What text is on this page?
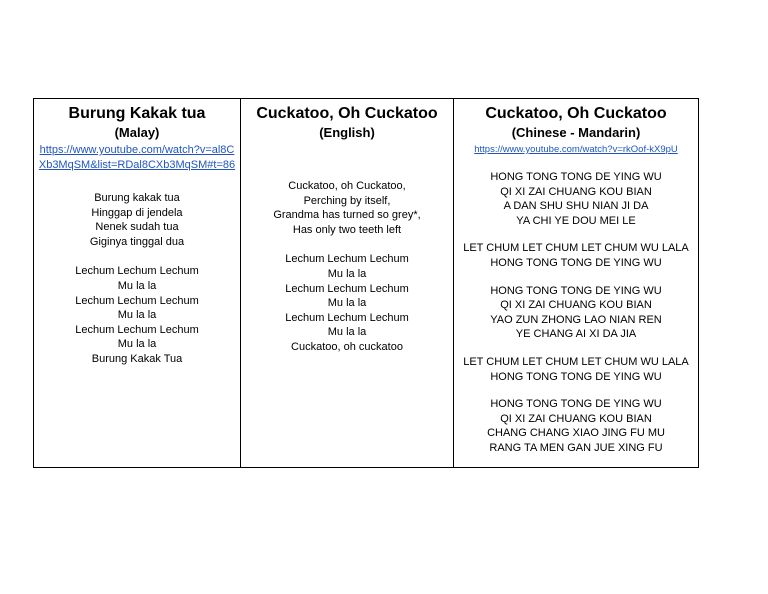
Burung Kakak tua
(Malay)
https://www.youtube.com/watch?v=al8CXb3MqSM&list=RDal8CXb3MqSM#t=86
Burung kakak tua
Hinggap di jendela
Nenek sudah tua
Giginya tinggal dua
Lechum Lechum Lechum
Mu la la
Lechum Lechum Lechum
Mu la la
Lechum Lechum Lechum
Mu la la
Burung Kakak Tua
Cuckatoo, Oh Cuckatoo
(English)
Cuckatoo, oh Cuckatoo,
Perching by itself,
Grandma has turned so grey*,
Has only two teeth left
Lechum Lechum Lechum
Mu la la
Lechum Lechum Lechum
Mu la la
Lechum Lechum Lechum
Mu la la
Cuckatoo, oh cuckatoo
Cuckatoo, Oh Cuckatoo
(Chinese - Mandarin)
https://www.youtube.com/watch?v=rkOof-kX9pU
HONG TONG TONG DE YING WU
QI XI ZAI CHUANG KOU BIAN
A DAN SHU SHU NIAN JI DA
YA CHI YE DOU MEI LE
LET CHUM LET CHUM LET CHUM WU LALA
HONG TONG TONG DE YING WU
HONG TONG TONG DE YING WU
QI XI ZAI CHUANG KOU BIAN
YAO ZUN ZHONG LAO NIAN REN
YE CHANG AI XI DA JIA
LET CHUM LET CHUM LET CHUM WU LALA
HONG TONG TONG DE YING WU
HONG TONG TONG DE YING WU
QI XI ZAI CHUANG KOU BIAN
CHANG CHANG XIAO JING FU MU
RANG TA MEN GAN JUE XING FU
